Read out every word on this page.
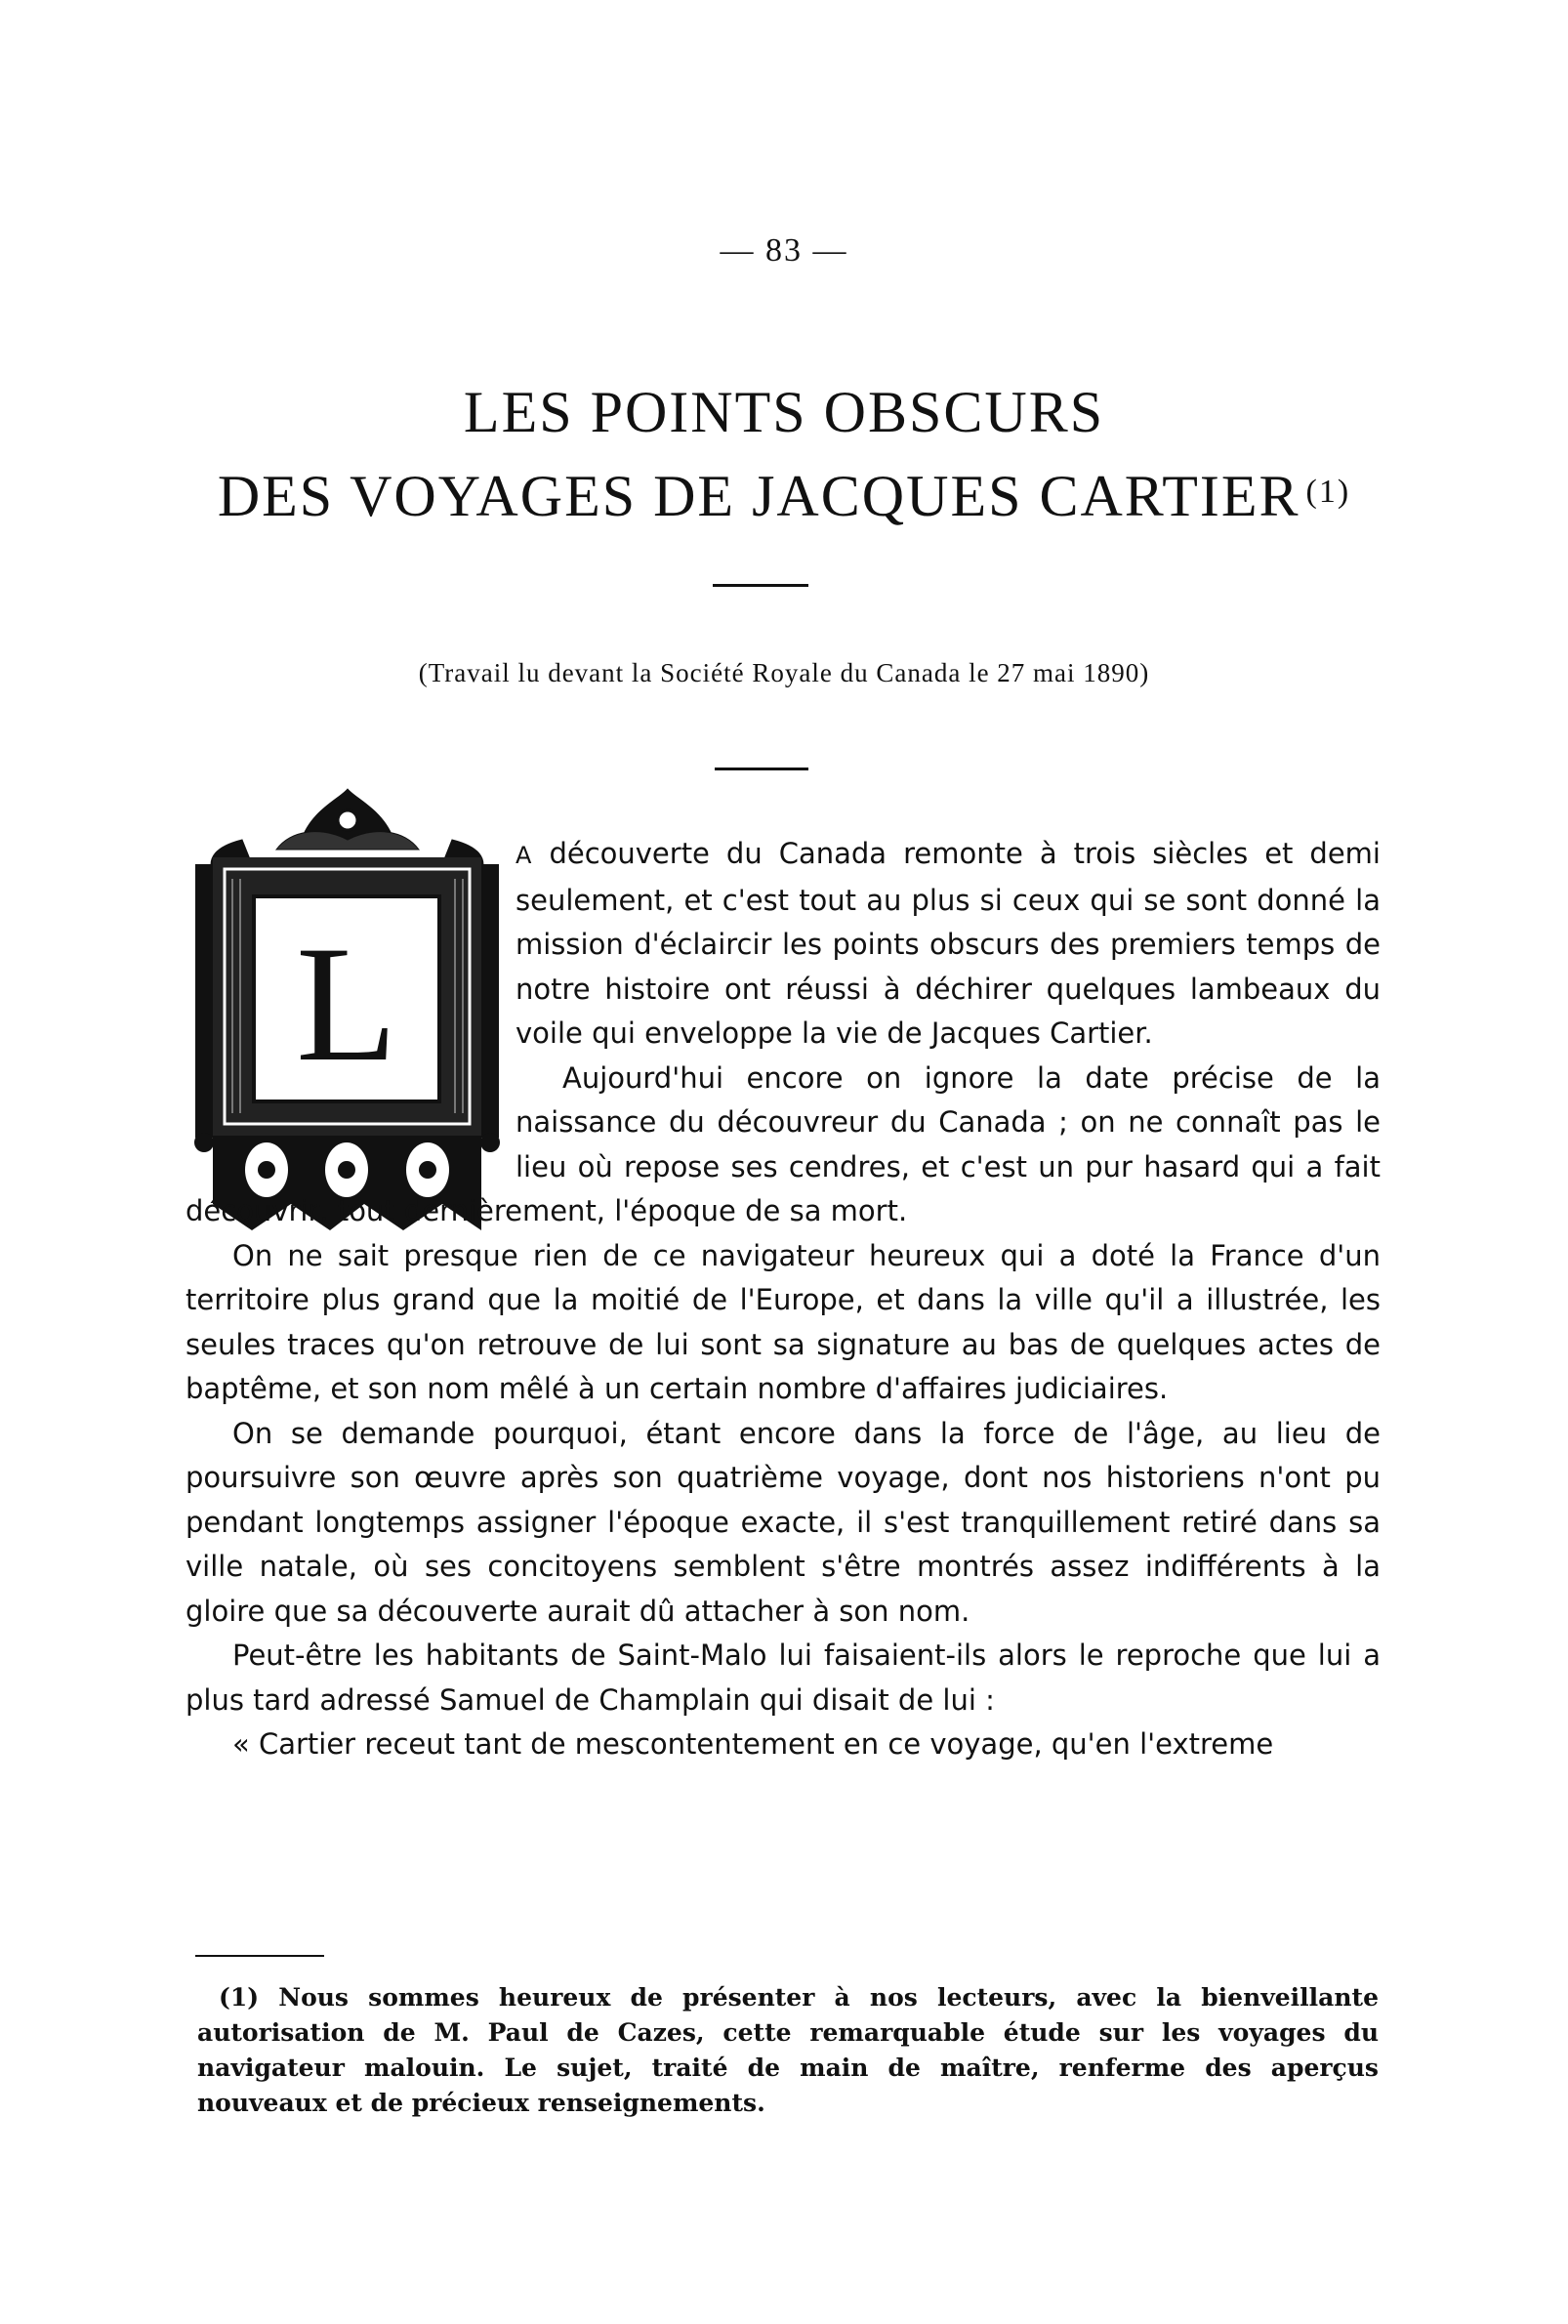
— 83 —
LES POINTS OBSCURS
DES VOYAGES DE JACQUES CARTIER $^{(1)}$
(Travail lu devant la Société Royale du Canada le 27 mai 1890)
L

A découverte du Canada remonte à trois siècles et demi seulement, et c'est tout au plus si ceux qui se sont donné la mission d'éclaircir les points obscurs des premiers temps de notre histoire ont réussi à déchirer quelques lambeaux du voile qui enveloppe la vie de Jacques Cartier.

Aujourd'hui encore on ignore la date précise de la naissance du découvreur du Canada ; on ne connaît pas le lieu où repose ses cendres, et c'est un pur hasard qui a fait découvrir, tout dernièrement, l'époque de sa mort.

On ne sait presque rien de ce navigateur heureux qui a doté la France d'un territoire plus grand que la moitié de l'Europe, et dans la ville qu'il a illustrée, les seules traces qu'on retrouve de lui sont sa signature au bas de quelques actes de baptême, et son nom mêlé à un certain nombre d'affaires judiciaires.

On se demande pourquoi, étant encore dans la force de l'âge, au lieu de poursuivre son œuvre après son quatrième voyage, dont nos historiens n'ont pu pendant longtemps assigner l'époque exacte, il s'est tranquillement retiré dans sa ville natale, où ses concitoyens semblent s'être montrés assez indifférents à la gloire que sa découverte aurait dû attacher à son nom.

Peut-être les habitants de Saint-Malo lui faisaient-ils alors le reproche que lui a plus tard adressé Samuel de Champlain qui disait de lui :

« Cartier receut tant de mescontentement en ce voyage, qu'en l'extreme

(1) Nous sommes heureux de présenter à nos lecteurs, avec la bienveillante autorisation de M. Paul de Cazes, cette remarquable étude sur les voyages du navigateur malouin. Le sujet, traité de main de maître, renferme des aperçus nouveaux et de précieux renseignements.
